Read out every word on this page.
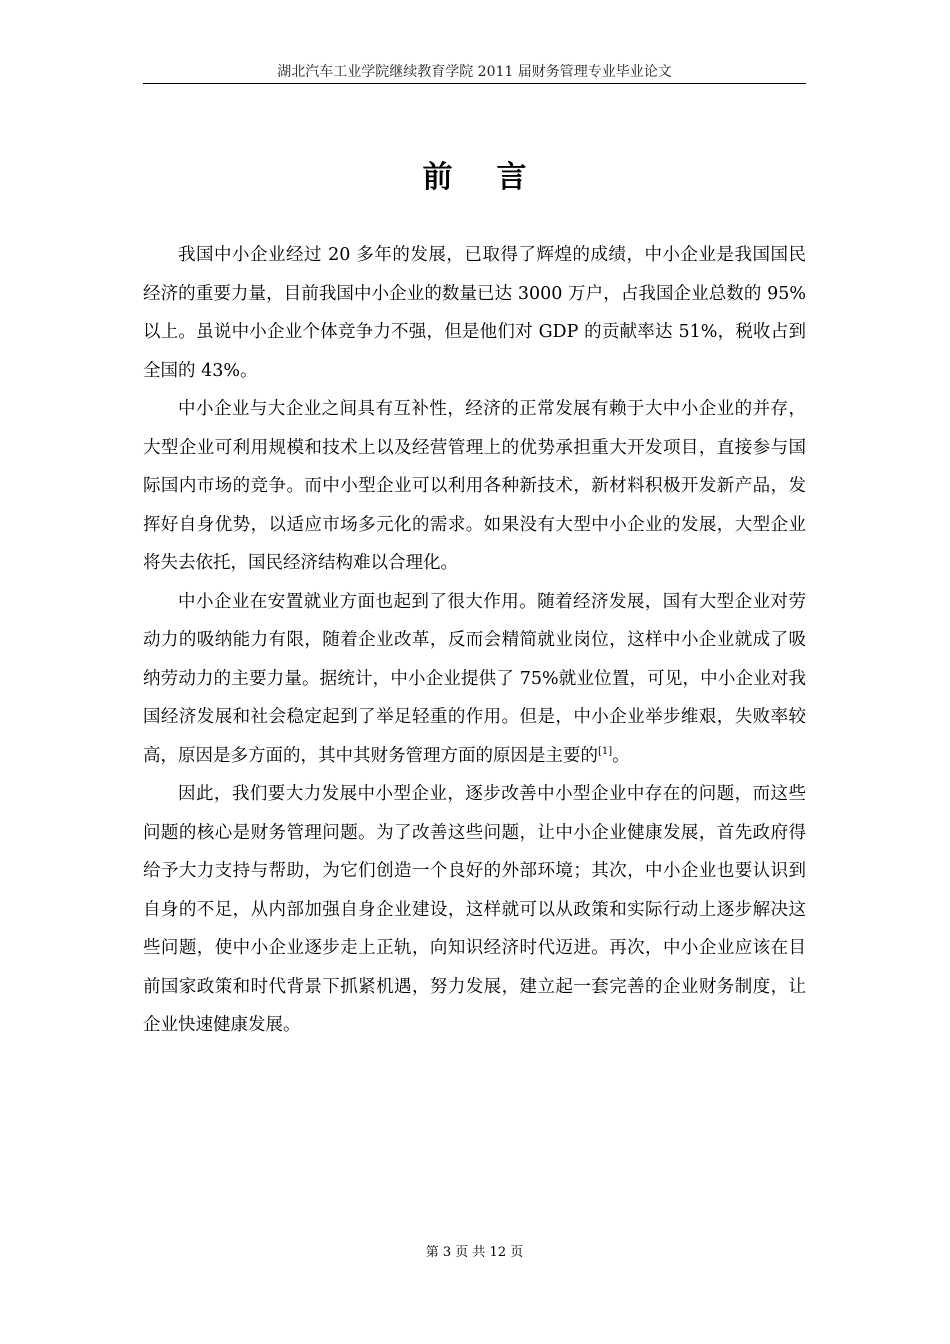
湖北汽车工业学院继续教育学院 2011 届财务管理专业毕业论文
前言

我国中小企业经过 20 多年的发展，已取得了辉煌的成绩，中小企业是我国国民经济的重要力量，目前我国中小企业的数量已达 3000 万户，占我国企业总数的 95%以上。虽说中小企业个体竞争力不强，但是他们对 GDP 的贡献率达 51%，税收占到全国的 43%。

中小企业与大企业之间具有互补性，经济的正常发展有赖于大中小企业的并存，大型企业可利用规模和技术上以及经营管理上的优势承担重大开发项目，直接参与国际国内市场的竞争。而中小型企业可以利用各种新技术，新材料积极开发新产品，发挥好自身优势，以适应市场多元化的需求。如果没有大型中小企业的发展，大型企业将失去依托，国民经济结构难以合理化。

中小企业在安置就业方面也起到了很大作用。随着经济发展，国有大型企业对劳动力的吸纳能力有限，随着企业改革，反而会精简就业岗位，这样中小企业就成了吸纳劳动力的主要力量。据统计，中小企业提供了 75%就业位置，可见，中小企业对我国经济发展和社会稳定起到了举足轻重的作用。但是，中小企业举步维艰，失败率较高，原因是多方面的，其中其财务管理方面的原因是主要的[1]。

因此，我们要大力发展中小型企业，逐步改善中小型企业中存在的问题，而这些问题的核心是财务管理问题。为了改善这些问题，让中小企业健康发展，首先政府得给予大力支持与帮助，为它们创造一个良好的外部环境；其次，中小企业也要认识到自身的不足，从内部加强自身企业建设，这样就可以从政策和实际行动上逐步解决这些问题，使中小企业逐步走上正轨，向知识经济时代迈进。再次，中小企业应该在目前国家政策和时代背景下抓紧机遇，努力发展，建立起一套完善的企业财务制度，让企业快速健康发展。

第 3 页 共 12 页
